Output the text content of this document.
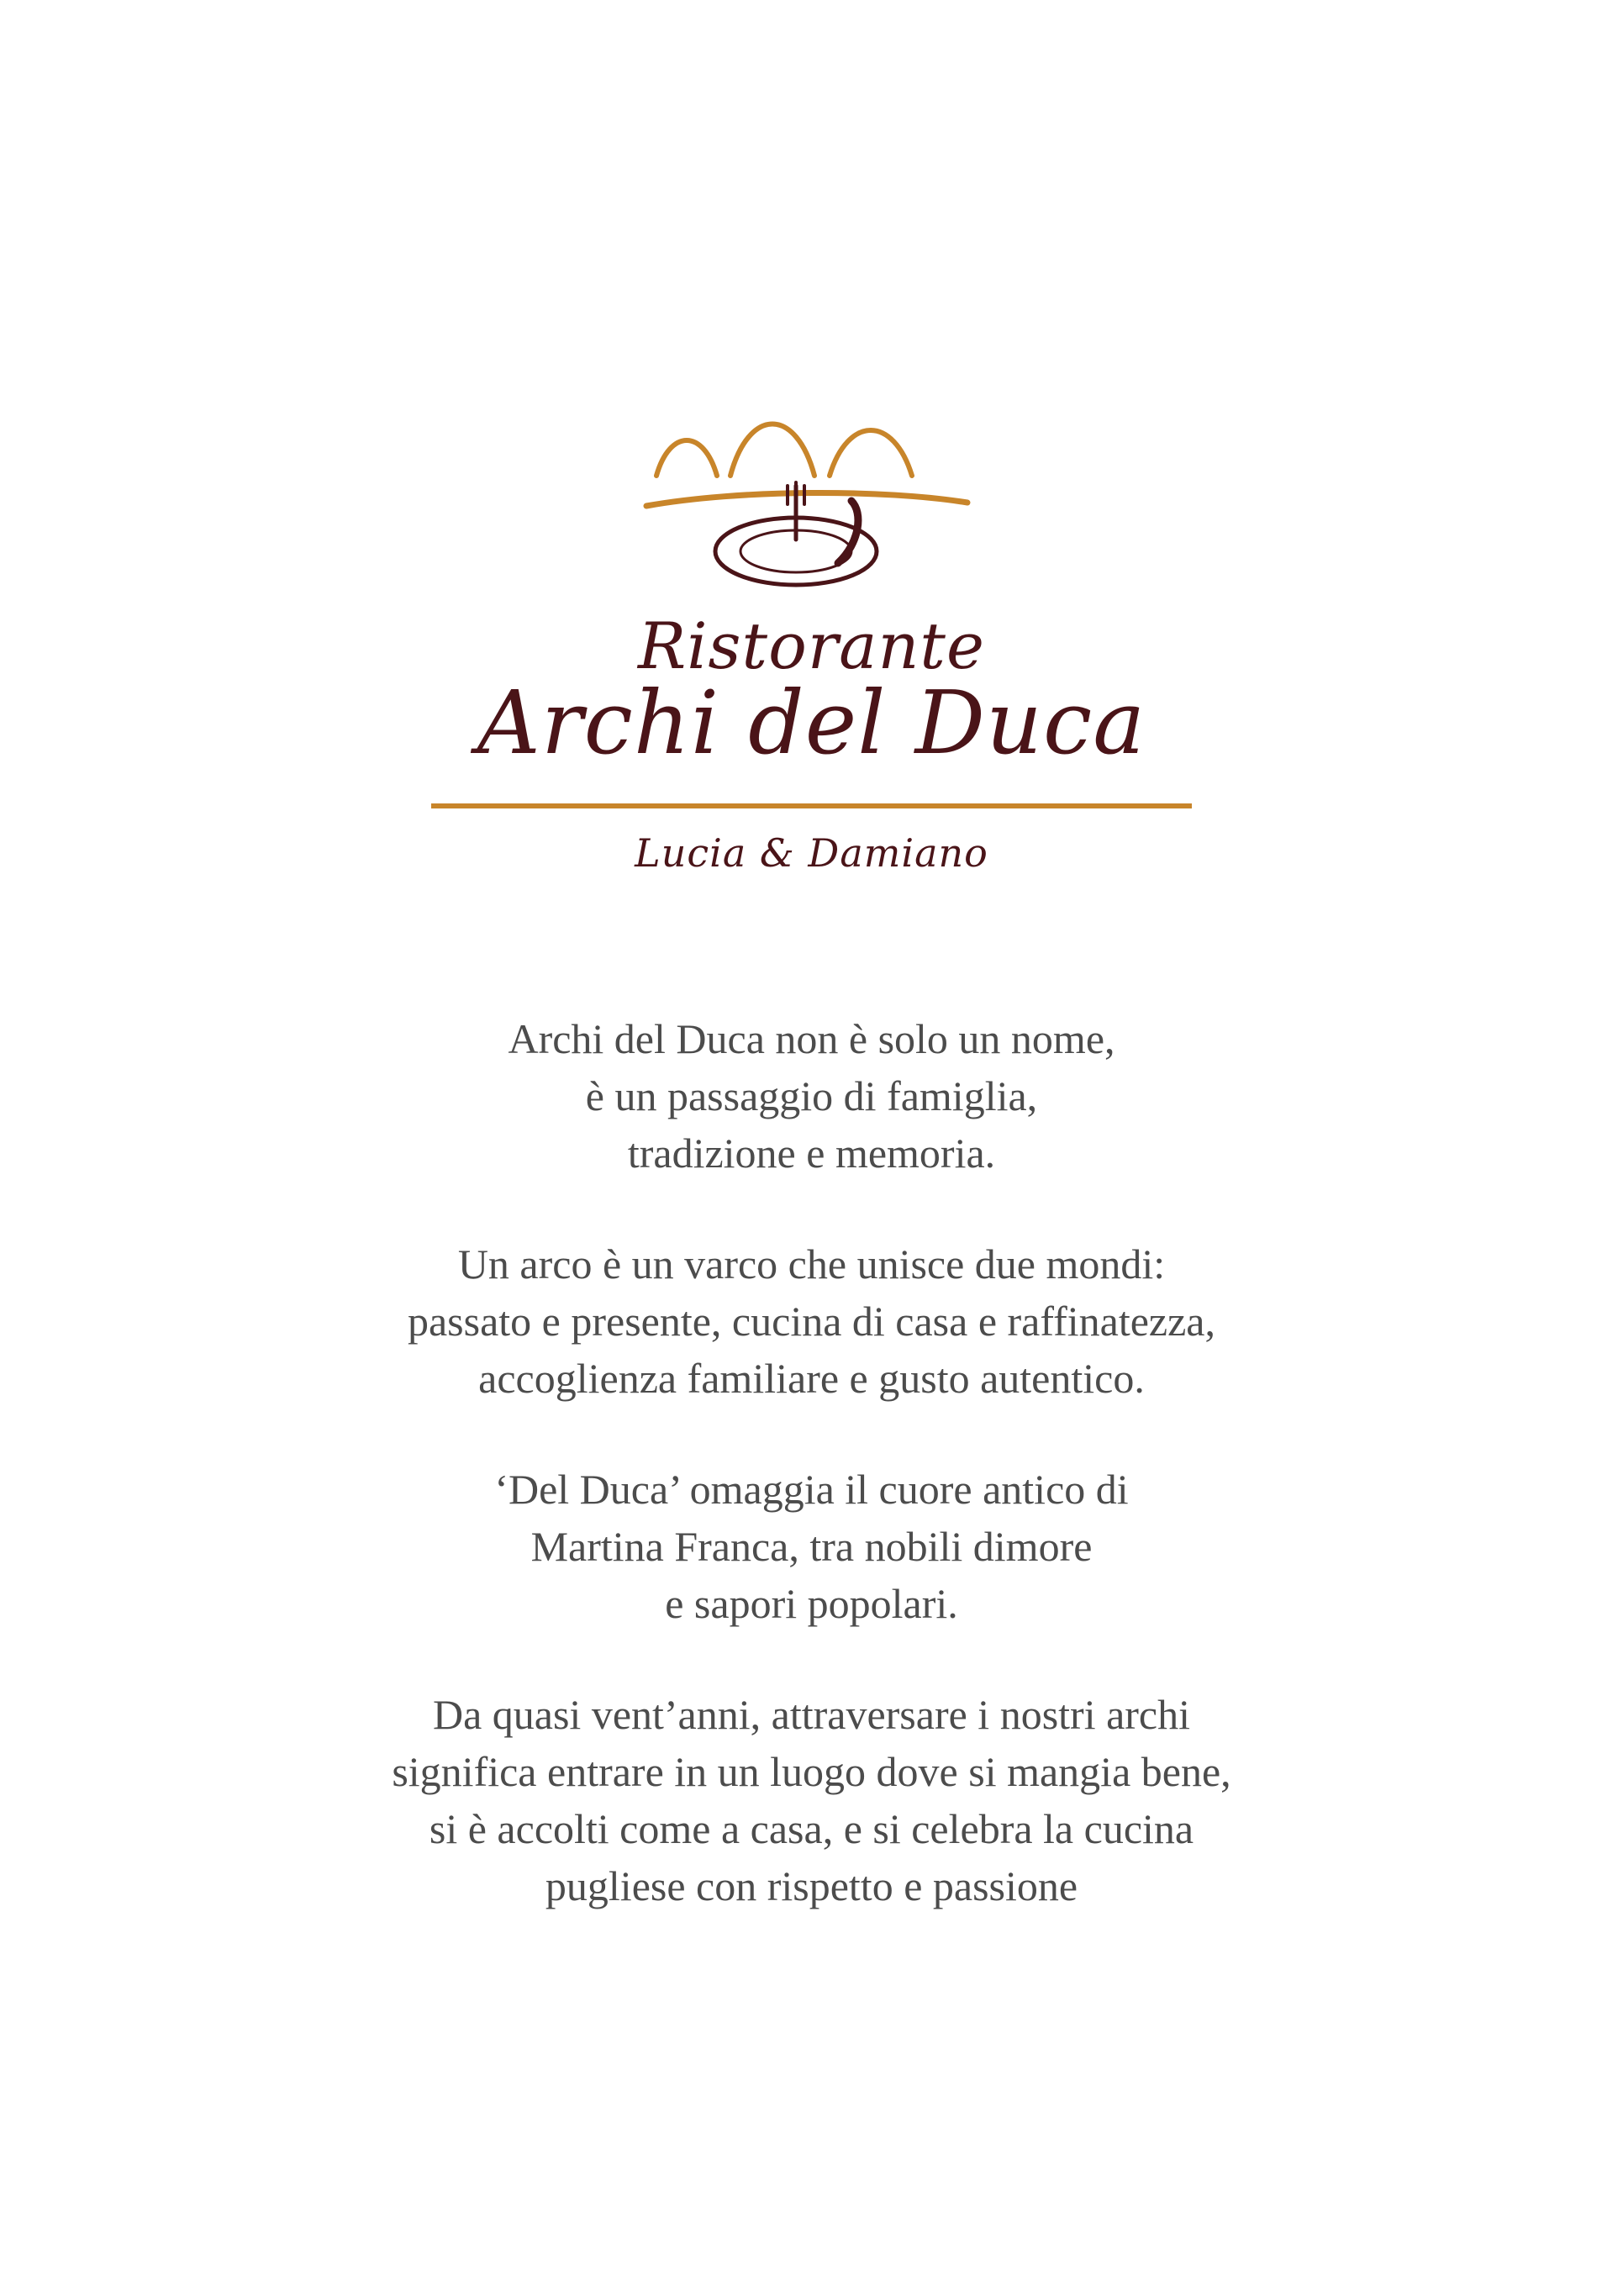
Ristorante
Archi del Duca
Lucia & Damiano

Archi del Duca non è solo un nome,
è un passaggio di famiglia,
tradizione e memoria.

Un arco è un varco che unisce due mondi:
passato e presente, cucina di casa e raffinatezza,
accoglienza familiare e gusto autentico.

‘Del Duca’ omaggia il cuore antico di
Martina Franca, tra nobili dimore
e sapori popolari.

Da quasi vent’anni, attraversare i nostri archi
significa entrare in un luogo dove si mangia bene,
si è accolti come a casa, e si celebra la cucina
pugliese con rispetto e passione
